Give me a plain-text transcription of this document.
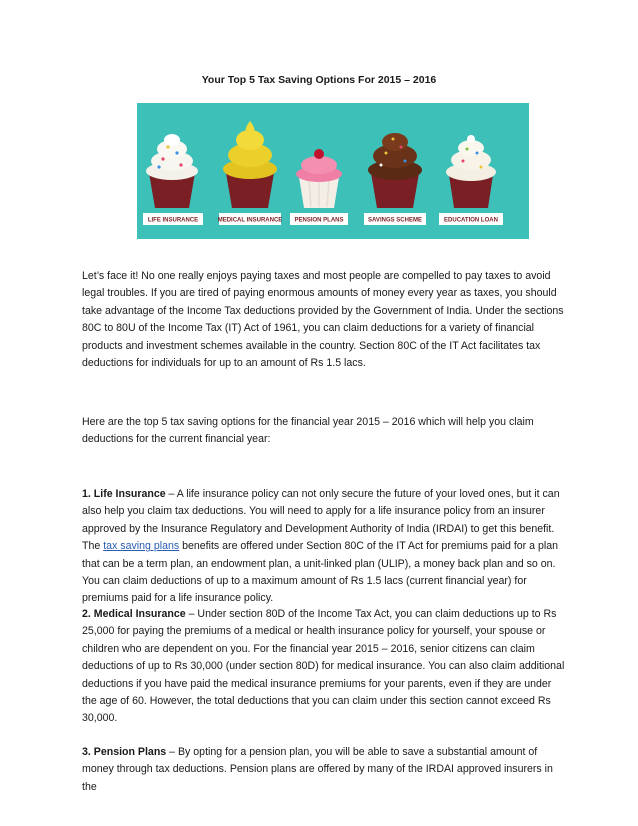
Your Top 5 Tax Saving Options For 2015 – 2016
LIFE INSURANCE	MEDICAL INSURANCE PENSION PLANS	SAVINGS SCHEME	EDUCATION LOAN

Let’s face it! No one really enjoys paying taxes and most people are compelled to pay taxes to avoid legal troubles. If you are tired of paying enormous amounts of money every year as taxes, you should take advantage of the Income Tax deductions provided by the Government of India. Under the sections 80C to 80U of the Income Tax (IT) Act of 1961, you can claim deductions for a variety of financial products and investment schemes available in the country. Section 80C of the IT Act facilitates tax deductions for individuals for up to an amount of Rs 1.5 lacs.

Here are the top 5 tax saving options for the financial year 2015 – 2016 which will help you claim deductions for the current financial year:

1. Life Insurance – A life insurance policy can not only secure the future of your loved ones, but it can also help you claim tax deductions. You will need to apply for a life insurance policy from an insurer approved by the Insurance Regulatory and Development Authority of India (IRDAI) to get this benefit. The tax saving plans benefits are offered under Section 80C of the IT Act for premiums paid for a plan that can be a term plan, an endowment plan, a unit-linked plan (ULIP), a money back plan and so on. You can claim deductions of up to a maximum amount of Rs 1.5 lacs (current financial year) for premiums paid for a life insurance policy.

2. Medical Insurance – Under section 80D of the Income Tax Act, you can claim deductions up to Rs 25,000 for paying the premiums of a medical or health insurance policy for yourself, your spouse or children who are dependent on you. For the financial year 2015 – 2016, senior citizens can claim deductions of up to Rs 30,000 (under section 80D) for medical insurance. You can also claim additional deductions if you have paid the medical insurance premiums for your parents, even if they are under the age of 60. However, the total deductions that you can claim under this section cannot exceed Rs 30,000.

3. Pension Plans – By opting for a pension plan, you will be able to save a substantial amount of money through tax deductions. Pension plans are offered by many of the IRDAI approved insurers in the
